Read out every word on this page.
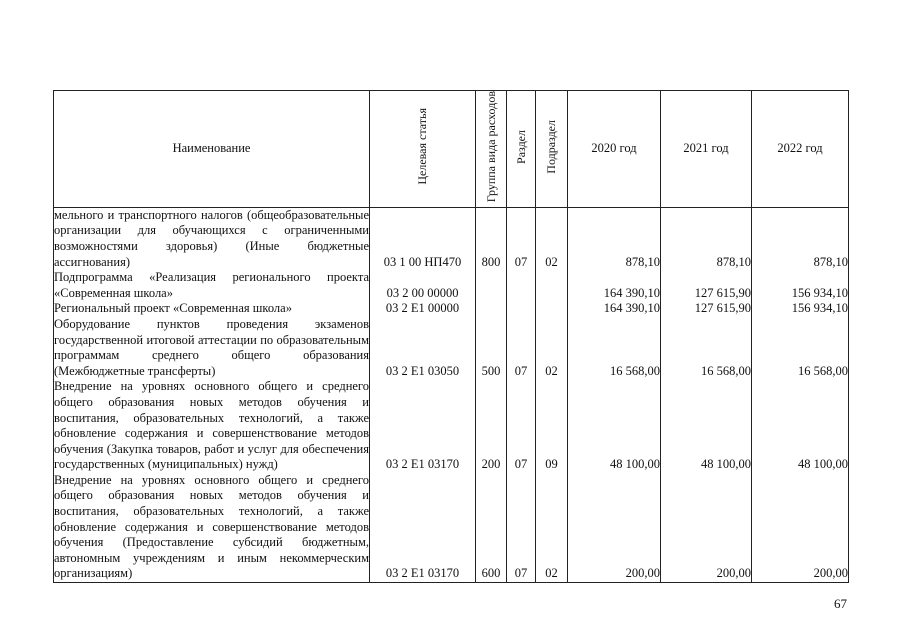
Наименование	Целевая статья	Группа вида расходов	Раздел	Подраздел	2020 год	2021 год	2022 год
мельного и транспортного налогов (общеобразовательные организации для обучающихся с ограниченными возможностями здоровья) (Иные бюджетные ассигнования)	03 1 00 НП470	800	07	02	878,10	878,10	878,10
Подпрограмма «Реализация регионального проекта «Современная школа»	03 2 00 00000				164 390,10	127 615,90	156 934,10
Региональный проект «Современная школа»	03 2 E1 00000				164 390,10	127 615,90	156 934,10
Оборудование пунктов проведения экзаменов государственной итоговой аттестации по образовательным программам среднего общего образования (Межбюджетные трансферты)	03 2 E1 03050	500	07	02	16 568,00	16 568,00	16 568,00
Внедрение на уровнях основного общего и среднего общего образования новых методов обучения и воспитания, образовательных технологий, а также обновление содержания и совершенствование методов обучения (Закупка товаров, работ и услуг для обеспечения государственных (муниципальных) нужд)	03 2 E1 03170	200	07	09	48 100,00	48 100,00	48 100,00
Внедрение на уровнях основного общего и среднего общего образования новых методов обучения и воспитания, образовательных технологий, а также обновление содержания и совершенствование методов обучения (Предоставление субсидий бюджетным, автономным учреждениям и иным некоммерческим организациям)	03 2 E1 03170	600	07	02	200,00	200,00	200,00
67
